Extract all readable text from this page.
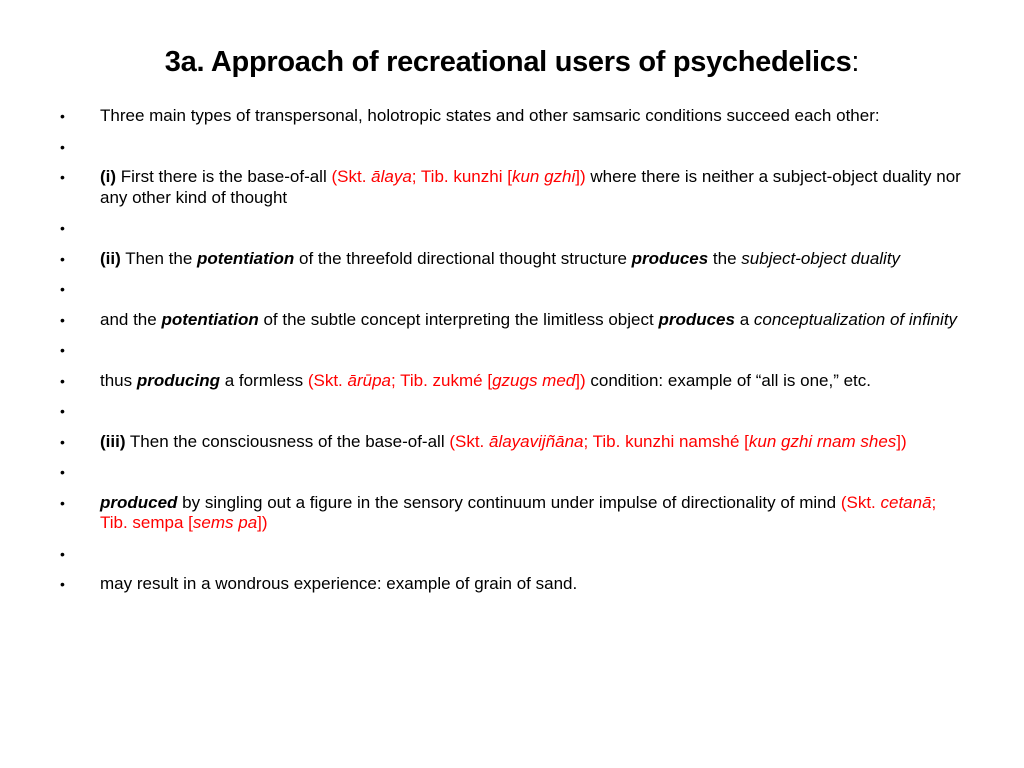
3a. Approach of recreational users of psychedelics:
• Three main types of transpersonal, holotropic states and other samsaric conditions succeed each other:
•
• (i) First there is the base-of-all (Skt. ālaya; Tib. kunzhi [kun gzhi]) where there is neither a subject-object duality nor any other kind of thought
•
• (ii) Then the potentiation of the threefold directional thought structure produces the subject-object duality
•
• and the potentiation of the subtle concept interpreting the limitless object produces a conceptualization of infinity
•
• thus producing a formless (Skt. ārūpa; Tib. zukmé [gzugs med]) condition: example of “all is one,” etc.
•
• (iii) Then the consciousness of the base-of-all (Skt. ālayavijñāna; Tib. kunzhi namshé [kun gzhi rnam shes])
•
• produced by singling out a figure in the sensory continuum under impulse of directionality of mind (Skt. cetanā; Tib. sempa [sems pa])
•
• may result in a wondrous experience: example of grain of sand.
